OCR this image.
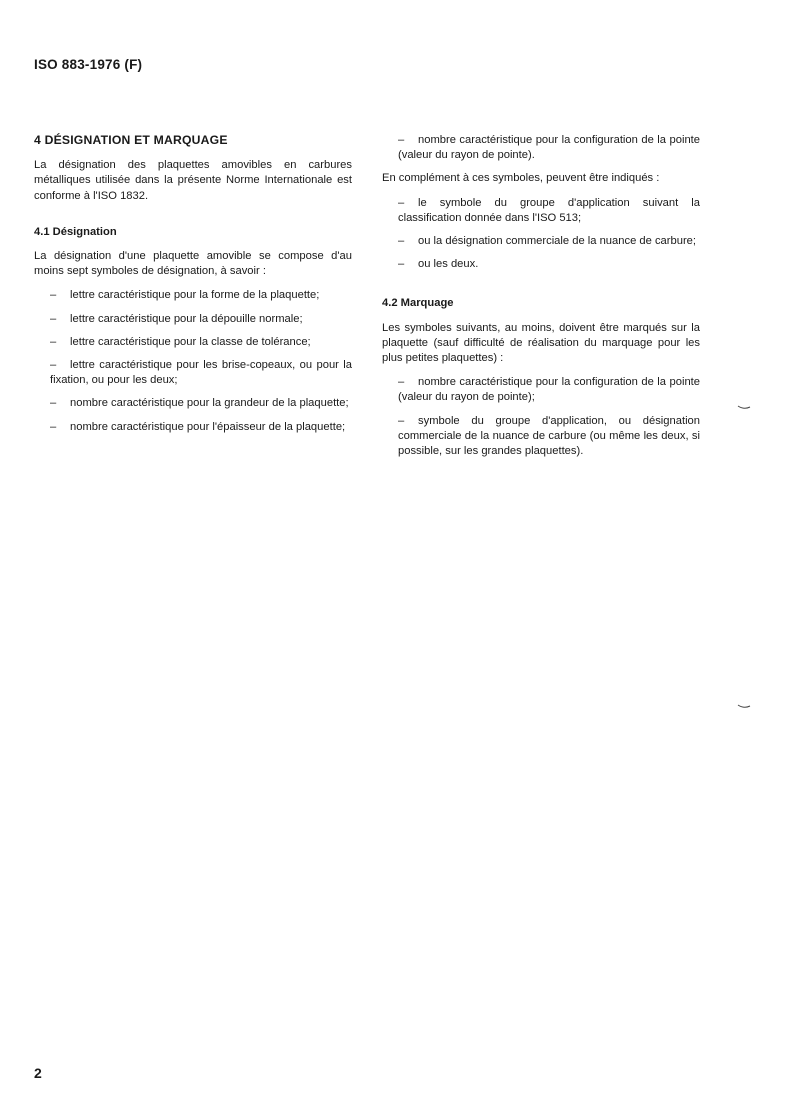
ISO 883-1976 (F)
4 DÉSIGNATION ET MARQUAGE

La désignation des plaquettes amovibles en carbures métalliques utilisée dans la présente Norme Internationale est conforme à l'ISO 1832.

4.1 Désignation

La désignation d'une plaquette amovible se compose d'au moins sept symboles de désignation, à savoir :

– lettre caractéristique pour la forme de la plaquette;
– lettre caractéristique pour la dépouille normale;
– lettre caractéristique pour la classe de tolérance;
– lettre caractéristique pour les brise-copeaux, ou pour la fixation, ou pour les deux;
– nombre caractéristique pour la grandeur de la plaquette;
– nombre caractéristique pour l'épaisseur de la plaquette;
– nombre caractéristique pour la configuration de la pointe (valeur du rayon de pointe).

En complément à ces symboles, peuvent être indiqués :

– le symbole du groupe d'application suivant la classification donnée dans l'ISO 513;
– ou la désignation commerciale de la nuance de carbure;
– ou les deux.
4.2 Marquage

Les symboles suivants, au moins, doivent être marqués sur la plaquette (sauf difficulté de réalisation du marquage pour les plus petites plaquettes) :

– nombre caractéristique pour la configuration de la pointe (valeur du rayon de pointe);
– symbole du groupe d'application, ou désignation commerciale de la nuance de carbure (ou même les deux, si possible, sur les grandes plaquettes).
2
